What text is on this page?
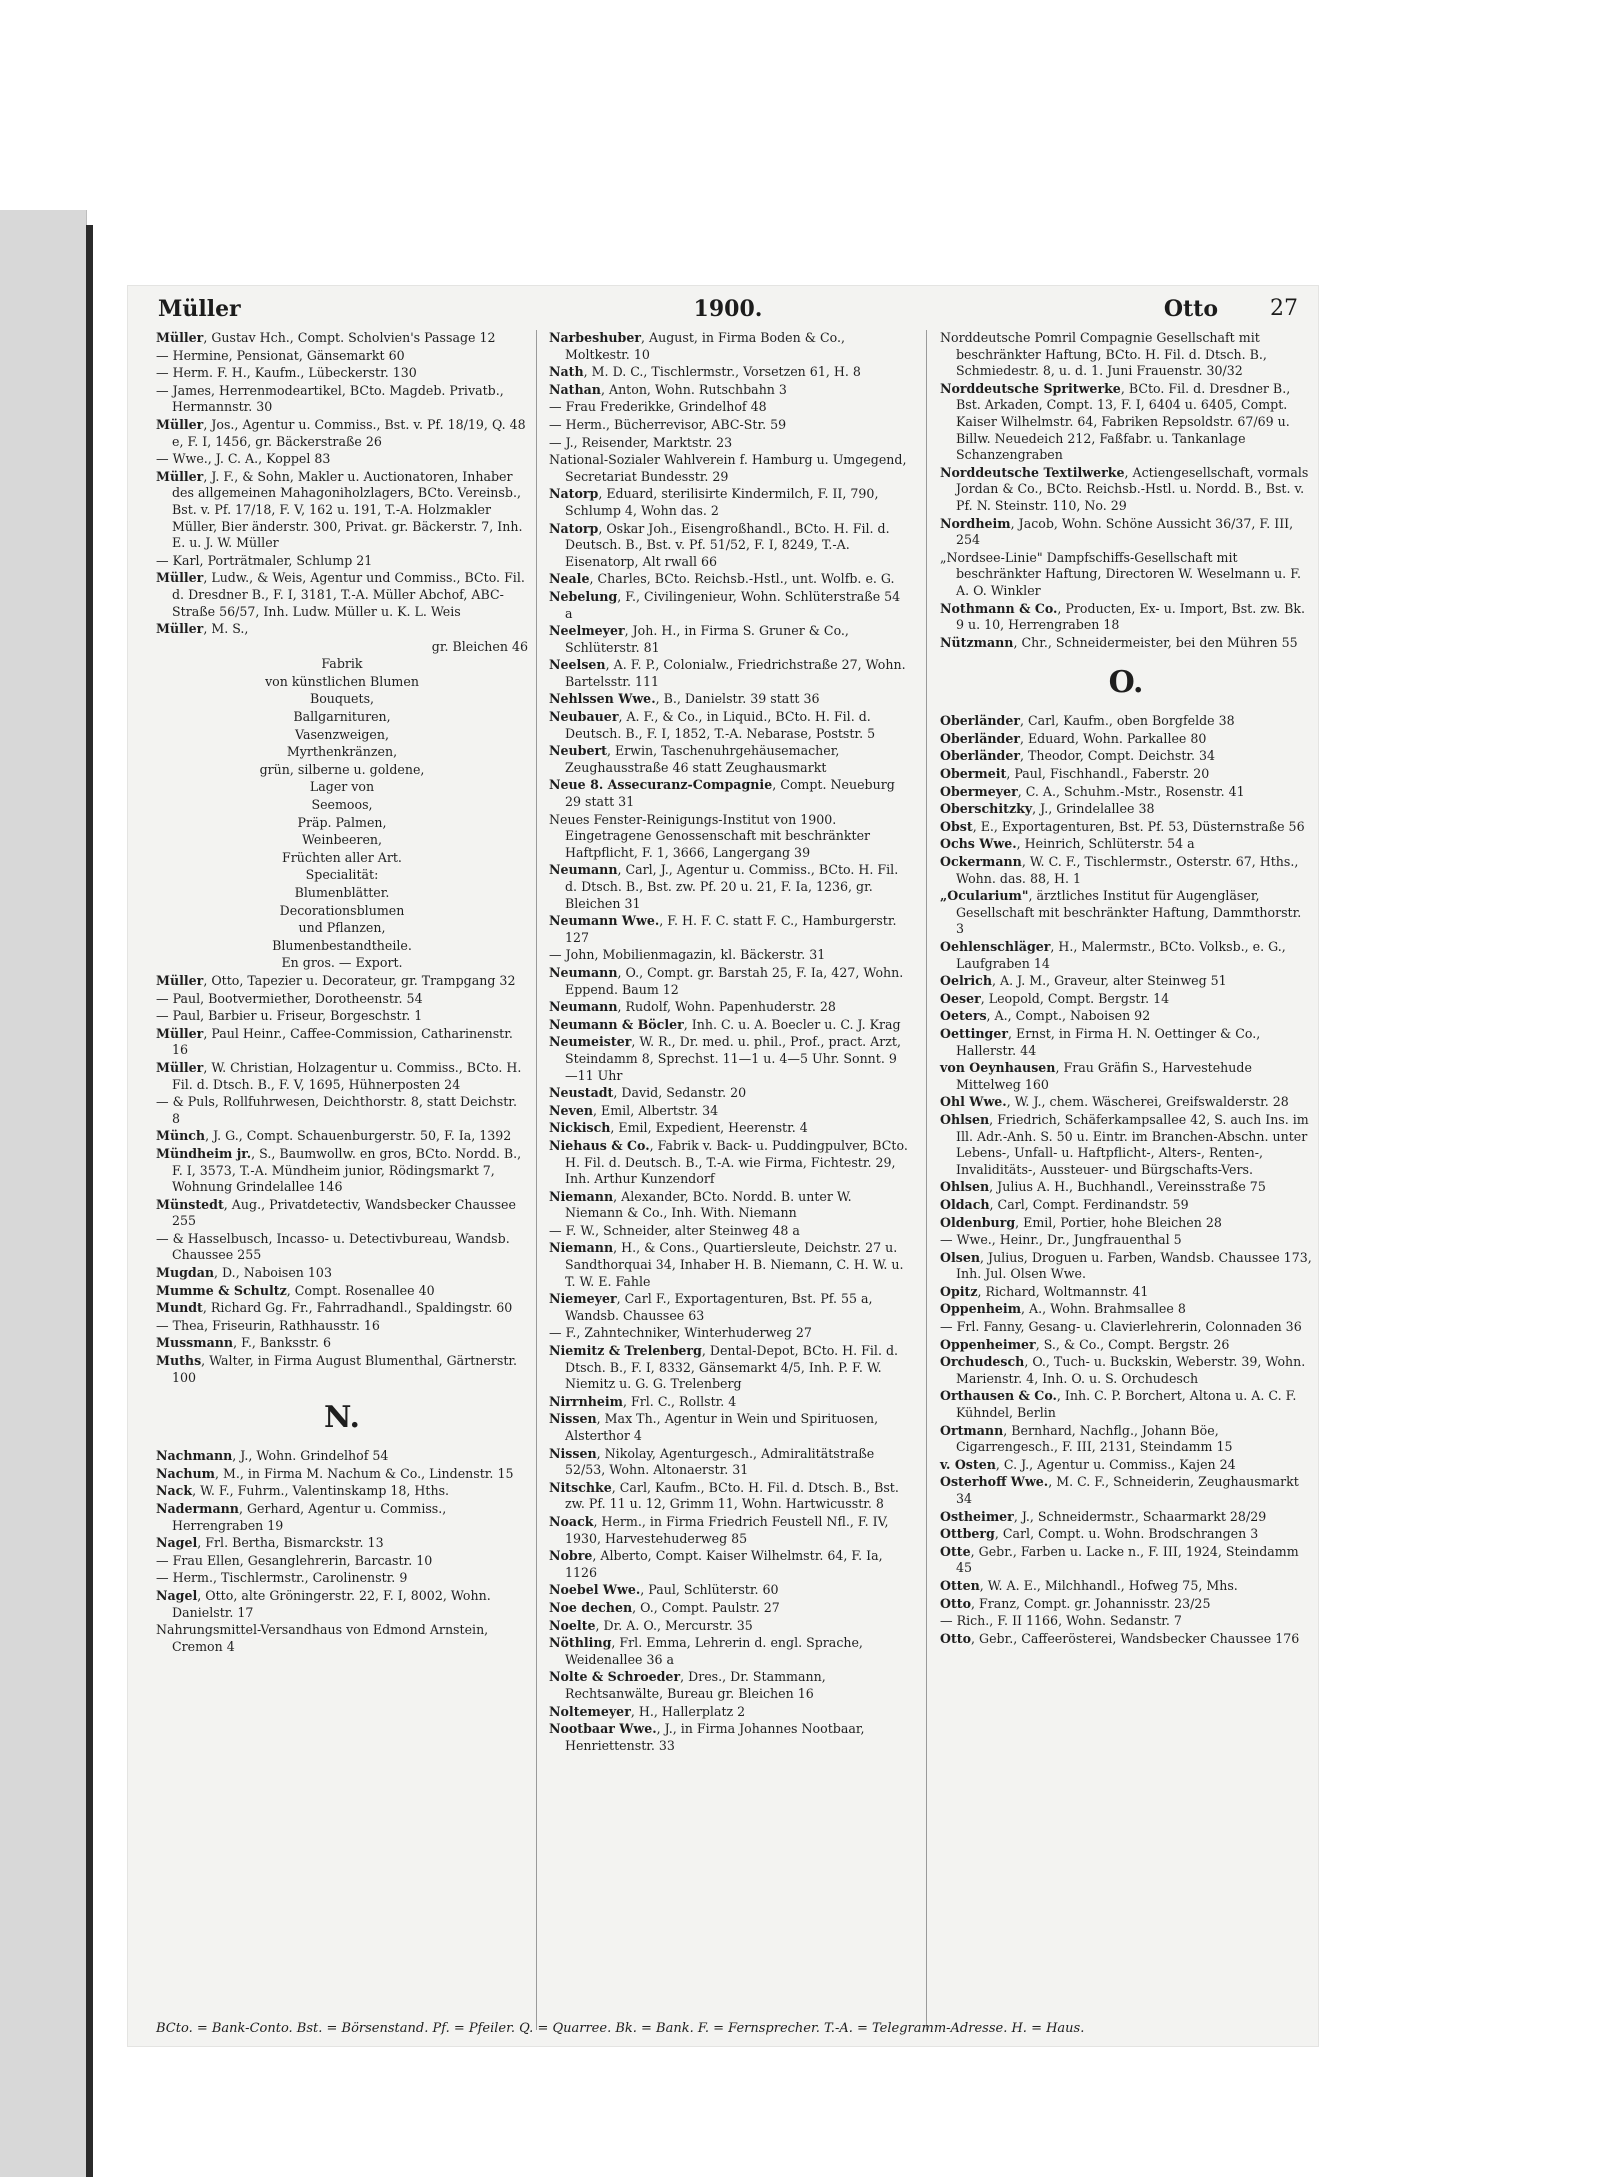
Müller	1900.	Otto 27
Müller, Gustav Hch., Compt. Scholvien's Passage 12
— Hermine, Pensionat, Gänsemarkt 60
— Herm. F. H., Kaufm., Lübeckerstr. 130
— James, Herrenmodeartikel, BCto. Magdeb. Privatb., Hermannstr. 30
Müller, Jos., Agentur u. Commiss., Bst. v. Pf. 18/19, Q. 48 e, F. I, 1456, gr. Bäckerstraße 26
— Wwe., J. C. A., Koppel 83
Müller, J. F., & Sohn, Makler u. Auctionatoren, Inhaber des allgemeinen Mahagoniholzlagers, BCto. Vereinsb., Bst. v. Pf. 17/18, F. V, 162 u. 191, T.-A. Holzmakler Müller, Bier änderstr. 300, Privat. gr. Bäckerstr. 7, Inh. E. u. J. W. Müller
— Karl, Porträtmaler, Schlump 21
Müller, Ludw., & Weis, Agentur und Commiss., BCto. Fil. d. Dresdner B., F. I, 3181, T.-A. Müller Abchof, ABC-Straße 56/57, Inh. Ludw. Müller u. K. L. Weis
Müller, M. S.,
gr. Bleichen 46
Fabrik
von künstlichen Blumen
Bouquets,
Ballgarnituren,
Vasenzweigen,
Myrthenkränzen,
grün, silberne u. goldene,
Lager von
Seemoos,
Präp. Palmen,
Weinbeeren,
Früchten aller Art.
Specialität:
Blumenblätter.
Decorationsblumen
und Pflanzen,
Blumenbestandtheile.
En gros. — Export.
Müller, Otto, Tapezier u. Decorateur, gr. Trampgang 32
— Paul, Bootvermiether, Dorotheenstr. 54
— Paul, Barbier u. Friseur, Borgeschstr. 1
Müller, Paul Heinr., Caffee-Commission, Catharinenstr. 16
Müller, W. Christian, Holzagentur u. Commiss., BCto. H. Fil. d. Dtsch. B., F. V, 1695, Hühnerposten 24
— & Puls, Rollfuhrwesen, Deichthorstr. 8, statt Deichstr. 8
Münch, J. G., Compt. Schauenburgerstr. 50, F. Ia, 1392
Mündheim jr., S., Baumwollw. en gros, BCto. Nordd. B., F. I, 3573, T.-A. Mündheim junior, Rödingsmarkt 7, Wohnung Grindelallee 146
Münstedt, Aug., Privatdetectiv, Wandsbecker Chaussee 255
— & Hasselbusch, Incasso- u. Detectivbureau, Wandsb. Chaussee 255
Mugdan, D., Naboisen 103
Mumme & Schultz, Compt. Rosenallee 40
Mundt, Richard Gg. Fr., Fahrradhandl., Spaldingstr. 60
— Thea, Friseurin, Rathhausstr. 16
Mussmann, F., Banksstr. 6
Muths, Walter, in Firma August Blumenthal, Gärtnerstr. 100
N.
Nachmann, J., Wohn. Grindelhof 54
Nachum, M., in Firma M. Nachum & Co., Lindenstr. 15
Nack, W. F., Fuhrm., Valentinskamp 18, Hths.
Nadermann, Gerhard, Agentur u. Commiss., Herrengraben 19
Nagel, Frl. Bertha, Bismarckstr. 13
— Frau Ellen, Gesanglehrerin, Barcastr. 10
— Herm., Tischlermstr., Carolinenstr. 9
Nagel, Otto, alte Gröningerstr. 22, F. I, 8002, Wohn. Danielstr. 17
Nahrungsmittel-Versandhaus von Edmond Arnstein, Cremon 4
Narbeshuber, August, in Firma Boden & Co., Moltkestr. 10
Nath, M. D. C., Tischlermstr., Vorsetzen 61, H. 8
Nathan, Anton, Wohn. Rutschbahn 3
— Frau Frederikke, Grindelhof 48
— Herm., Bücherrevisor, ABC-Str. 59
— J., Reisender, Marktstr. 23
National-Sozialer Wahlverein f. Hamburg u. Umgegend, Secretariat Bundesstr. 29
Natorp, Eduard, sterilisirte Kindermilch, F. II, 790, Schlump 4, Wohn das. 2
Natorp, Oskar Joh., Eisengroßhandl., BCto. H. Fil. d. Deutsch. B., Bst. v. Pf. 51/52, F. I, 8249, T.-A. Eisenatorp, Alt rwall 66
Neale, Charles, BCto. Reichsb.-Hstl., unt. Wolfb. e. G.
Nebelung, F., Civilingenieur, Wohn. Schlüterstraße 54 a
Neelmeyer, Joh. H., in Firma S. Gruner & Co., Schlüterstr. 81
Neelsen, A. F. P., Colonialw., Friedrichstraße 27, Wohn. Bartelsstr. 111
Nehlssen Wwe., B., Danielstr. 39 statt 36
Neubauer, A. F., & Co., in Liquid., BCto. H. Fil. d. Deutsch. B., F. I, 1852, T.-A. Nebarase, Poststr. 5
Neubert, Erwin, Taschenuhrgehäusemacher, Zeughausstraße 46 statt Zeughausmarkt
Neue 8. Assecuranz-Compagnie, Compt. Neueburg 29 statt 31
Neues Fenster-Reinigungs-Institut von 1900. Eingetragene Genossenschaft mit beschränkter Haftpflicht, F. 1, 3666, Langergang 39
Neumann, Carl, J., Agentur u. Commiss., BCto. H. Fil. d. Dtsch. B., Bst. zw. Pf. 20 u. 21, F. Ia, 1236, gr. Bleichen 31
Neumann Wwe., F. H. F. C. statt F. C., Hamburgerstr. 127
— John, Mobilienmagazin, kl. Bäckerstr. 31
Neumann, O., Compt. gr. Barstah 25, F. Ia, 427, Wohn. Eppend. Baum 12
Neumann, Rudolf, Wohn. Papenhuderstr. 28
Neumann & Böcler, Inh. C. u. A. Boecler u. C. J. Krag
Neumeister, W. R., Dr. med. u. phil., Prof., pract. Arzt, Steindamm 8, Sprechst. 11—1 u. 4—5 Uhr. Sonnt. 9—11 Uhr
Neustadt, David, Sedanstr. 20
Neven, Emil, Albertstr. 34
Nickisch, Emil, Expedient, Heerenstr. 4
Niehaus & Co., Fabrik v. Back- u. Puddingpulver, BCto. H. Fil. d. Deutsch. B., T.-A. wie Firma, Fichtestr. 29, Inh. Arthur Kunzendorf
Niemann, Alexander, BCto. Nordd. B. unter W. Niemann & Co., Inh. With. Niemann
— F. W., Schneider, alter Steinweg 48 a
Niemann, H., & Cons., Quartiersleute, Deichstr. 27 u. Sandthorquai 34, Inhaber H. B. Niemann, C. H. W. u. T. W. E. Fahle
Niemeyer, Carl F., Exportagenturen, Bst. Pf. 55 a, Wandsb. Chaussee 63
— F., Zahntechniker, Winterhuderweg 27
Niemitz & Trelenberg, Dental-Depot, BCto. H. Fil. d. Dtsch. B., F. I, 8332, Gänsemarkt 4/5, Inh. P. F. W. Niemitz u. G. G. Trelenberg
Nirrnheim, Frl. C., Rollstr. 4
Nissen, Max Th., Agentur in Wein und Spirituosen, Alsterthor 4
Nissen, Nikolay, Agenturgesch., Admiralitätstraße 52/53, Wohn. Altonaerstr. 31
Nitschke, Carl, Kaufm., BCto. H. Fil. d. Dtsch. B., Bst. zw. Pf. 11 u. 12, Grimm 11, Wohn. Hartwicusstr. 8
Noack, Herm., in Firma Friedrich Feustell Nfl., F. IV, 1930, Harvestehuderweg 85
Nobre, Alberto, Compt. Kaiser Wilhelmstr. 64, F. Ia, 1126
Noebel Wwe., Paul, Schlüterstr. 60
Noe dechen, O., Compt. Paulstr. 27
Noelte, Dr. A. O., Mercurstr. 35
Nöthling, Frl. Emma, Lehrerin d. engl. Sprache, Weidenallee 36 a
Nolte & Schroeder, Dres., Dr. Stammann, Rechtsanwälte, Bureau gr. Bleichen 16
Noltemeyer, H., Hallerplatz 2
Nootbaar Wwe., J., in Firma Johannes Nootbaar, Henriettenstr. 33
Norddeutsche Pomril Compagnie Gesellschaft mit beschränkter Haftung, BCto. H. Fil. d. Dtsch. B., Schmiedestr. 8, u. d. 1. Juni Frauenstr. 30/32
Norddeutsche Spritwerke, BCto. Fil. d. Dresdner B., Bst. Arkaden, Compt. 13, F. I, 6404 u. 6405, Compt. Kaiser Wilhelmstr. 64, Fabriken Repsoldstr. 67/69 u. Billw. Neuedeich 212, Faßfabr. u. Tankanlage Schanzengraben
Norddeutsche Textilwerke, Actiengesellschaft, vormals Jordan & Co., BCto. Reichsb.-Hstl. u. Nordd. B., Bst. v. Pf. N. Steinstr. 110, No. 29
Nordheim, Jacob, Wohn. Schöne Aussicht 36/37, F. III, 254
„Nordsee-Linie" Dampfschiffs-Gesellschaft mit beschränkter Haftung, Directoren W. Weselmann u. F. A. O. Winkler
Nothmann & Co., Producten, Ex- u. Import, Bst. zw. Bk. 9 u. 10, Herrengraben 18
Nützmann, Chr., Schneidermeister, bei den Mühren 55
O.
Oberländer, Carl, Kaufm., oben Borgfelde 38
Oberländer, Eduard, Wohn. Parkallee 80
Oberländer, Theodor, Compt. Deichstr. 34
Obermeit, Paul, Fischhandl., Faberstr. 20
Obermeyer, C. A., Schuhm.-Mstr., Rosenstr. 41
Oberschitzky, J., Grindelallee 38
Obst, E., Exportagenturen, Bst. Pf. 53, Düsternstraße 56
Ochs Wwe., Heinrich, Schlüterstr. 54 a
Ockermann, W. C. F., Tischlermstr., Osterstr. 67, Hths., Wohn. das. 88, H. 1
„Ocularium", ärztliches Institut für Augengläser, Gesellschaft mit beschränkter Haftung, Dammthorstr. 3
Oehlenschläger, H., Malermstr., BCto. Volksb., e. G., Laufgraben 14
Oelrich, A. J. M., Graveur, alter Steinweg 51
Oeser, Leopold, Compt. Bergstr. 14
Oeters, A., Compt., Naboisen 92
Oettinger, Ernst, in Firma H. N. Oettinger & Co., Hallerstr. 44
von Oeynhausen, Frau Gräfin S., Harvestehude Mittelweg 160
Ohl Wwe., W. J., chem. Wäscherei, Greifswalderstr. 28
Ohlsen, Friedrich, Schäferkampsallee 42, S. auch Ins. im Ill. Adr.-Anh. S. 50 u. Eintr. im Branchen-Abschn. unter Lebens-, Unfall- u. Haftpflicht-, Alters-, Renten-, Invaliditäts-, Aussteuer- und Bürgschafts-Vers.
Ohlsen, Julius A. H., Buchhandl., Vereinsstraße 75
Oldach, Carl, Compt. Ferdinandstr. 59
Oldenburg, Emil, Portier, hohe Bleichen 28
— Wwe., Heinr., Dr., Jungfrauenthal 5
Olsen, Julius, Droguen u. Farben, Wandsb. Chaussee 173, Inh. Jul. Olsen Wwe.
Opitz, Richard, Woltmannstr. 41
Oppenheim, A., Wohn. Brahmsallee 8
— Frl. Fanny, Gesang- u. Clavierlehrerin, Colonnaden 36
Oppenheimer, S., & Co., Compt. Bergstr. 26
Orchudesch, O., Tuch- u. Buckskin, Weberstr. 39, Wohn. Marienstr. 4, Inh. O. u. S. Orchudesch
Orthausen & Co., Inh. C. P. Borchert, Altona u. A. C. F. Kühndel, Berlin
Ortmann, Bernhard, Nachflg., Johann Böe, Cigarrengesch., F. III, 2131, Steindamm 15
v. Osten, C. J., Agentur u. Commiss., Kajen 24
Osterhoff Wwe., M. C. F., Schneiderin, Zeughausmarkt 34
Ostheimer, J., Schneidermstr., Schaarmarkt 28/29
Ottberg, Carl, Compt. u. Wohn. Brodschrangen 3
Otte, Gebr., Farben u. Lacke n., F. III, 1924, Steindamm 45
Otten, W. A. E., Milchhandl., Hofweg 75, Mhs.
Otto, Franz, Compt. gr. Johannisstr. 23/25
— Rich., F. II 1166, Wohn. Sedanstr. 7
Otto, Gebr., Caffeerösterei, Wandsbecker Chaussee 176
BCto. = Bank-Conto. Bst. = Börsenstand. Pf. = Pfeiler. Q. = Quarree. Bk. = Bank. F. = Fernsprecher. T.-A. = Telegramm-Adresse. H. = Haus.
